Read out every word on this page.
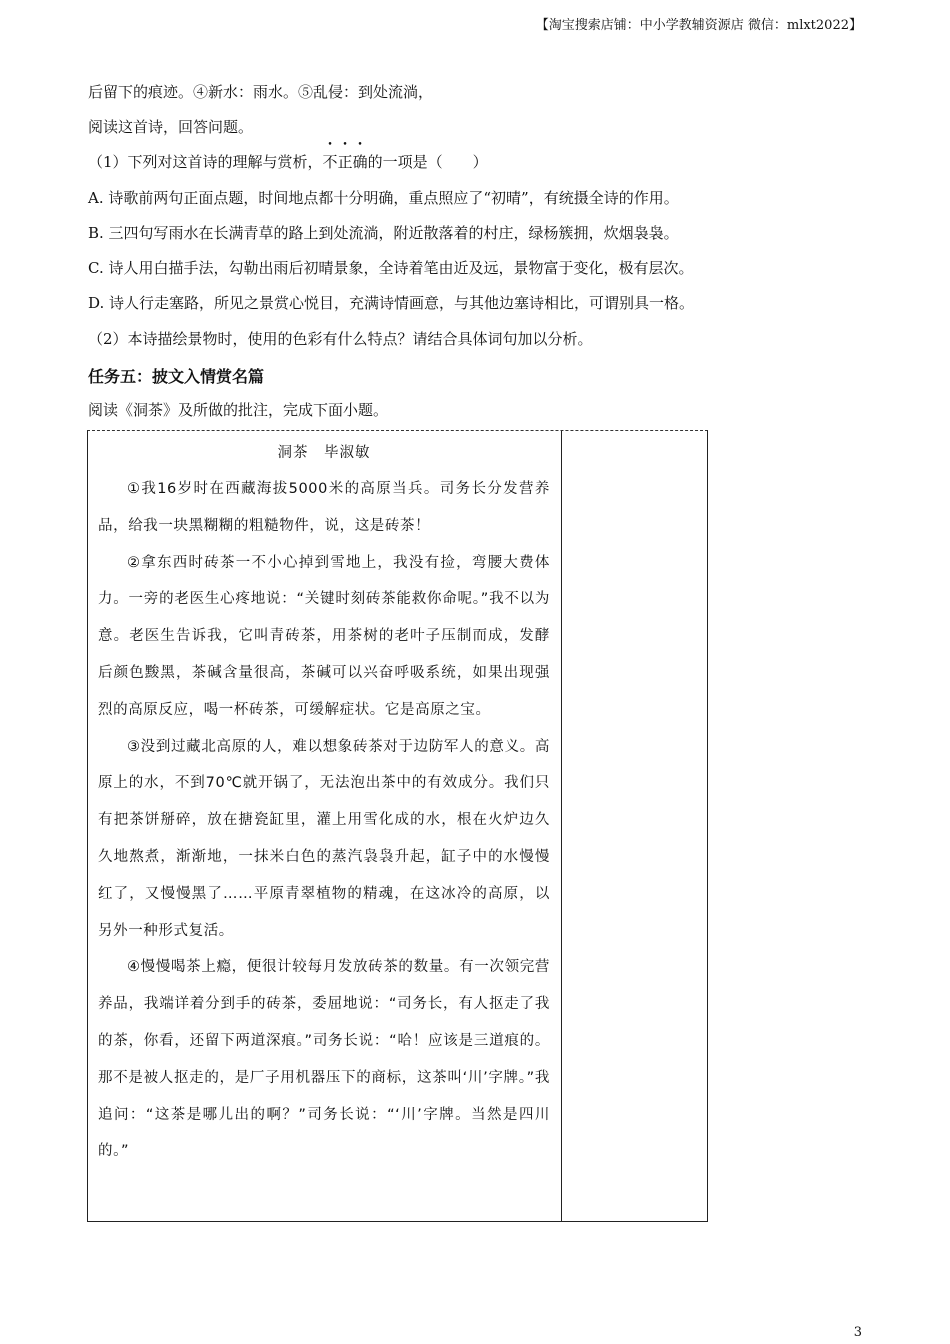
【淘宝搜索店铺：中小学教辅资源店 微信：mlxt2022】
后留下的痕迹。④新水：雨水。⑤乱侵：到处流淌，
阅读这首诗，回答问题。
（1）下列对这首诗的理解与赏析，不正确的一项是（　　）
A. 诗歌前两句正面点题，时间地点都十分明确，重点照应了“初晴”，有统摄全诗的作用。
B. 三四句写雨水在长满青草的路上到处流淌，附近散落着的村庄，绿杨簇拥，炊烟袅袅。
C. 诗人用白描手法，勾勒出雨后初晴景象，全诗着笔由近及远，景物富于变化，极有层次。
D. 诗人行走塞路，所见之景赏心悦目，充满诗情画意，与其他边塞诗相比，可谓别具一格。
（2）本诗描绘景物时，使用的色彩有什么特点？请结合具体词句加以分析。
任务五：披文入情赏名篇
阅读《洞茶》及所做的批注，完成下面小题。
洞茶　毕淑敏

①我16岁时在西藏海拔5000米的高原当兵。司务长分发营养品，给我一块黑糊糊的粗糙物件，说，这是砖茶！

②拿东西时砖茶一不小心掉到雪地上，我没有捡，弯腰大费体力。一旁的老医生心疼地说：“关键时刻砖茶能救你命呢。”我不以为意。老医生告诉我，它叫青砖茶，用茶树的老叶子压制而成，发酵后颜色黢黑，茶碱含量很高，茶碱可以兴奋呼吸系统，如果出现强烈的高原反应，喝一杯砖茶，可缓解症状。它是高原之宝。

③没到过藏北高原的人，难以想象砖茶对于边防军人的意义。高原上的水，不到70℃就开锅了，无法泡出茶中的有效成分。我们只有把茶饼掰碎，放在搪瓷缸里，灌上用雪化成的水，根在火炉边久久地熬煮，渐渐地，一抹米白色的蒸汽袅袅升起，缸子中的水慢慢红了，又慢慢黑了……平原青翠植物的精魂，在这冰冷的高原，以另外一种形式复活。

④慢慢喝茶上瘾，便很计较每月发放砖茶的数量。有一次领完营养品，我端详着分到手的砖茶，委屈地说：“司务长，有人抠走了我的茶，你看，还留下两道深痕。”司务长说：“哈！应该是三道痕的。那不是被人抠走的，是厂子用机器压下的商标，这茶叫‘川’字牌。”我追问：“这茶是哪儿出的啊？”司务长说：“‘川’字牌。当然是四川的。”

3
